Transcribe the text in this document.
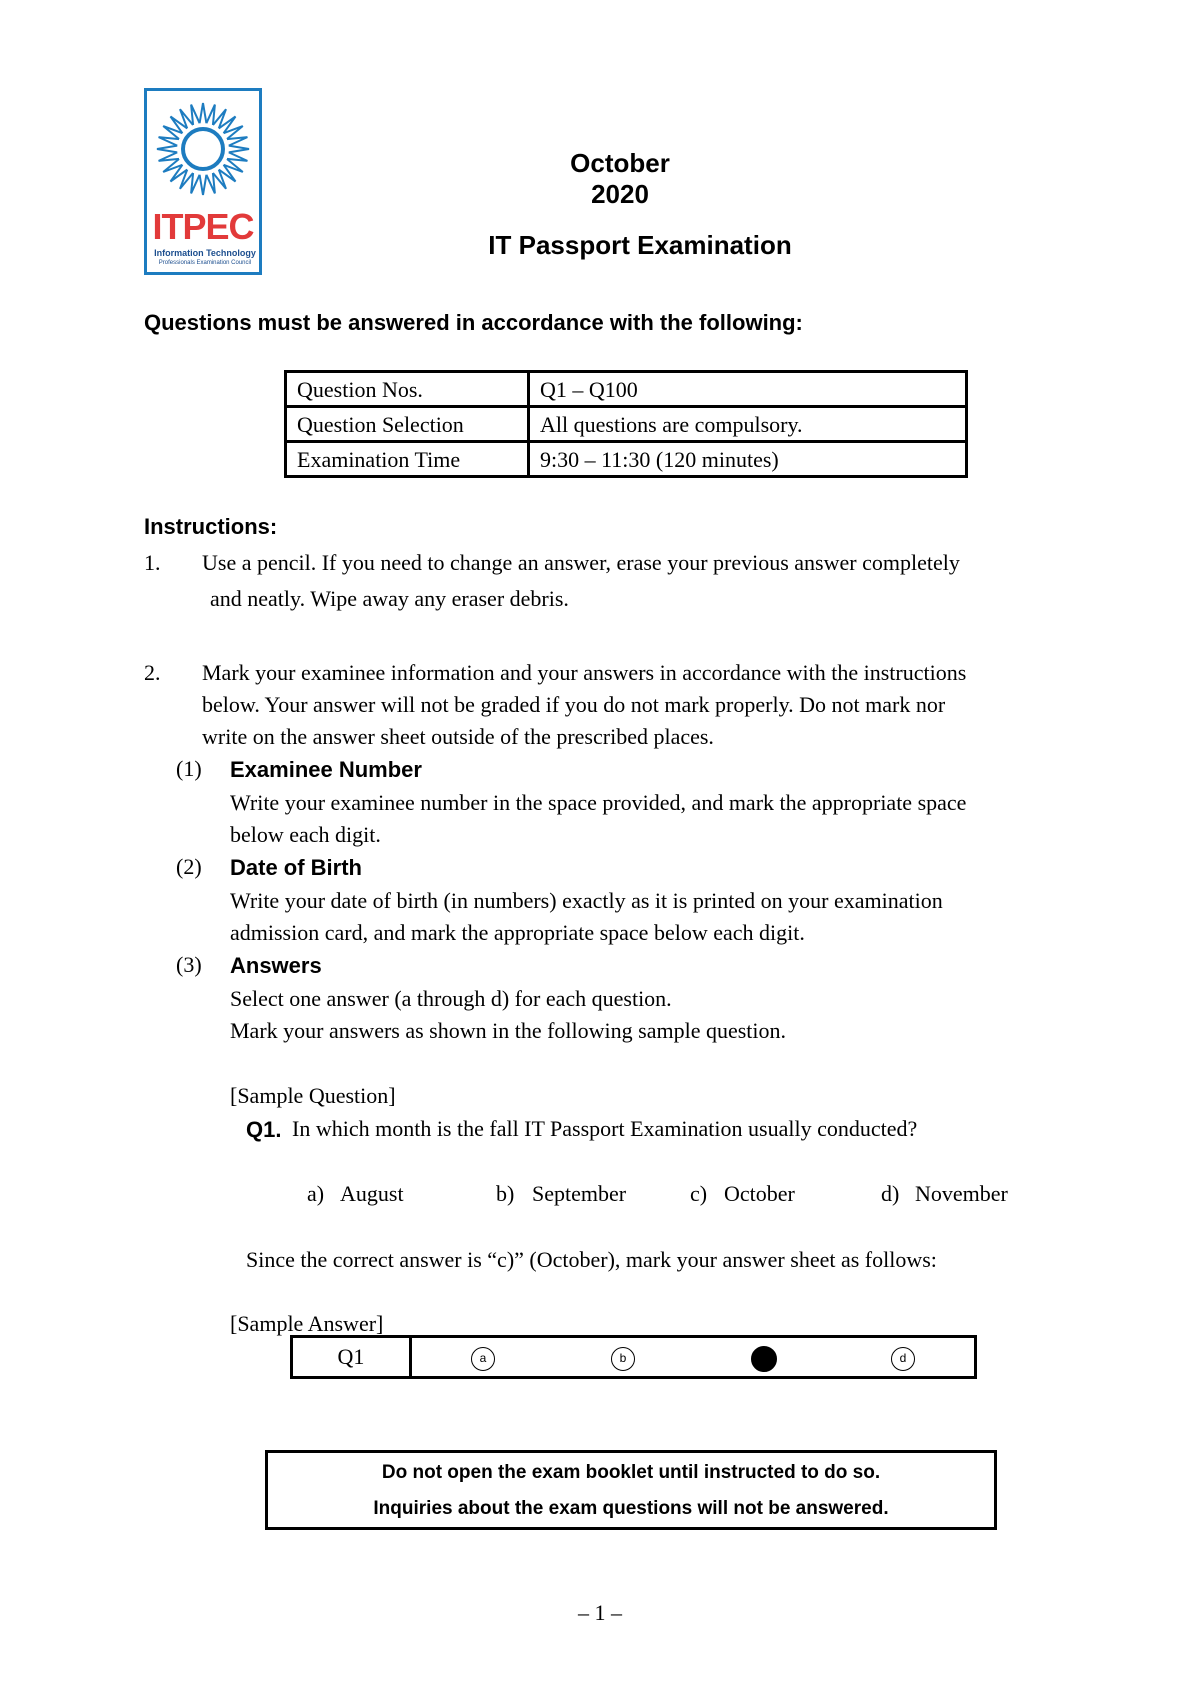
ITPEC
Information Technology
Professionals Examination Council
October 2020
IT Passport Examination
Questions must be answered in accordance with the following:
Question Nos.	Q1 – Q100
Question Selection	All questions are compulsory.
Examination Time	9:30 – 11:30 (120 minutes)
Instructions:
1. Use a pencil. If you need to change an answer, erase your previous answer completely
and neatly. Wipe away any eraser debris.
2. Mark your examinee information and your answers in accordance with the instructions
below. Your answer will not be graded if you do not mark properly. Do not mark nor
write on the answer sheet outside of the prescribed places.
(1) Examinee Number
Write your examinee number in the space provided, and mark the appropriate space
below each digit.
(2) Date of Birth
Write your date of birth (in numbers) exactly as it is printed on your examination
admission card, and mark the appropriate space below each digit.
(3) Answers
Select one answer (a through d) for each question.
Mark your answers as shown in the following sample question.
[Sample Question]
Q1. In which month is the fall IT Passport Examination usually conducted?
a) August	b) September	c) October	d) November
Since the correct answer is “c)” (October), mark your answer sheet as follows:
[Sample Answer]
Q1	a	b	d
Do not open the exam booklet until instructed to do so.
Inquiries about the exam questions will not be answered.
– 1 –
